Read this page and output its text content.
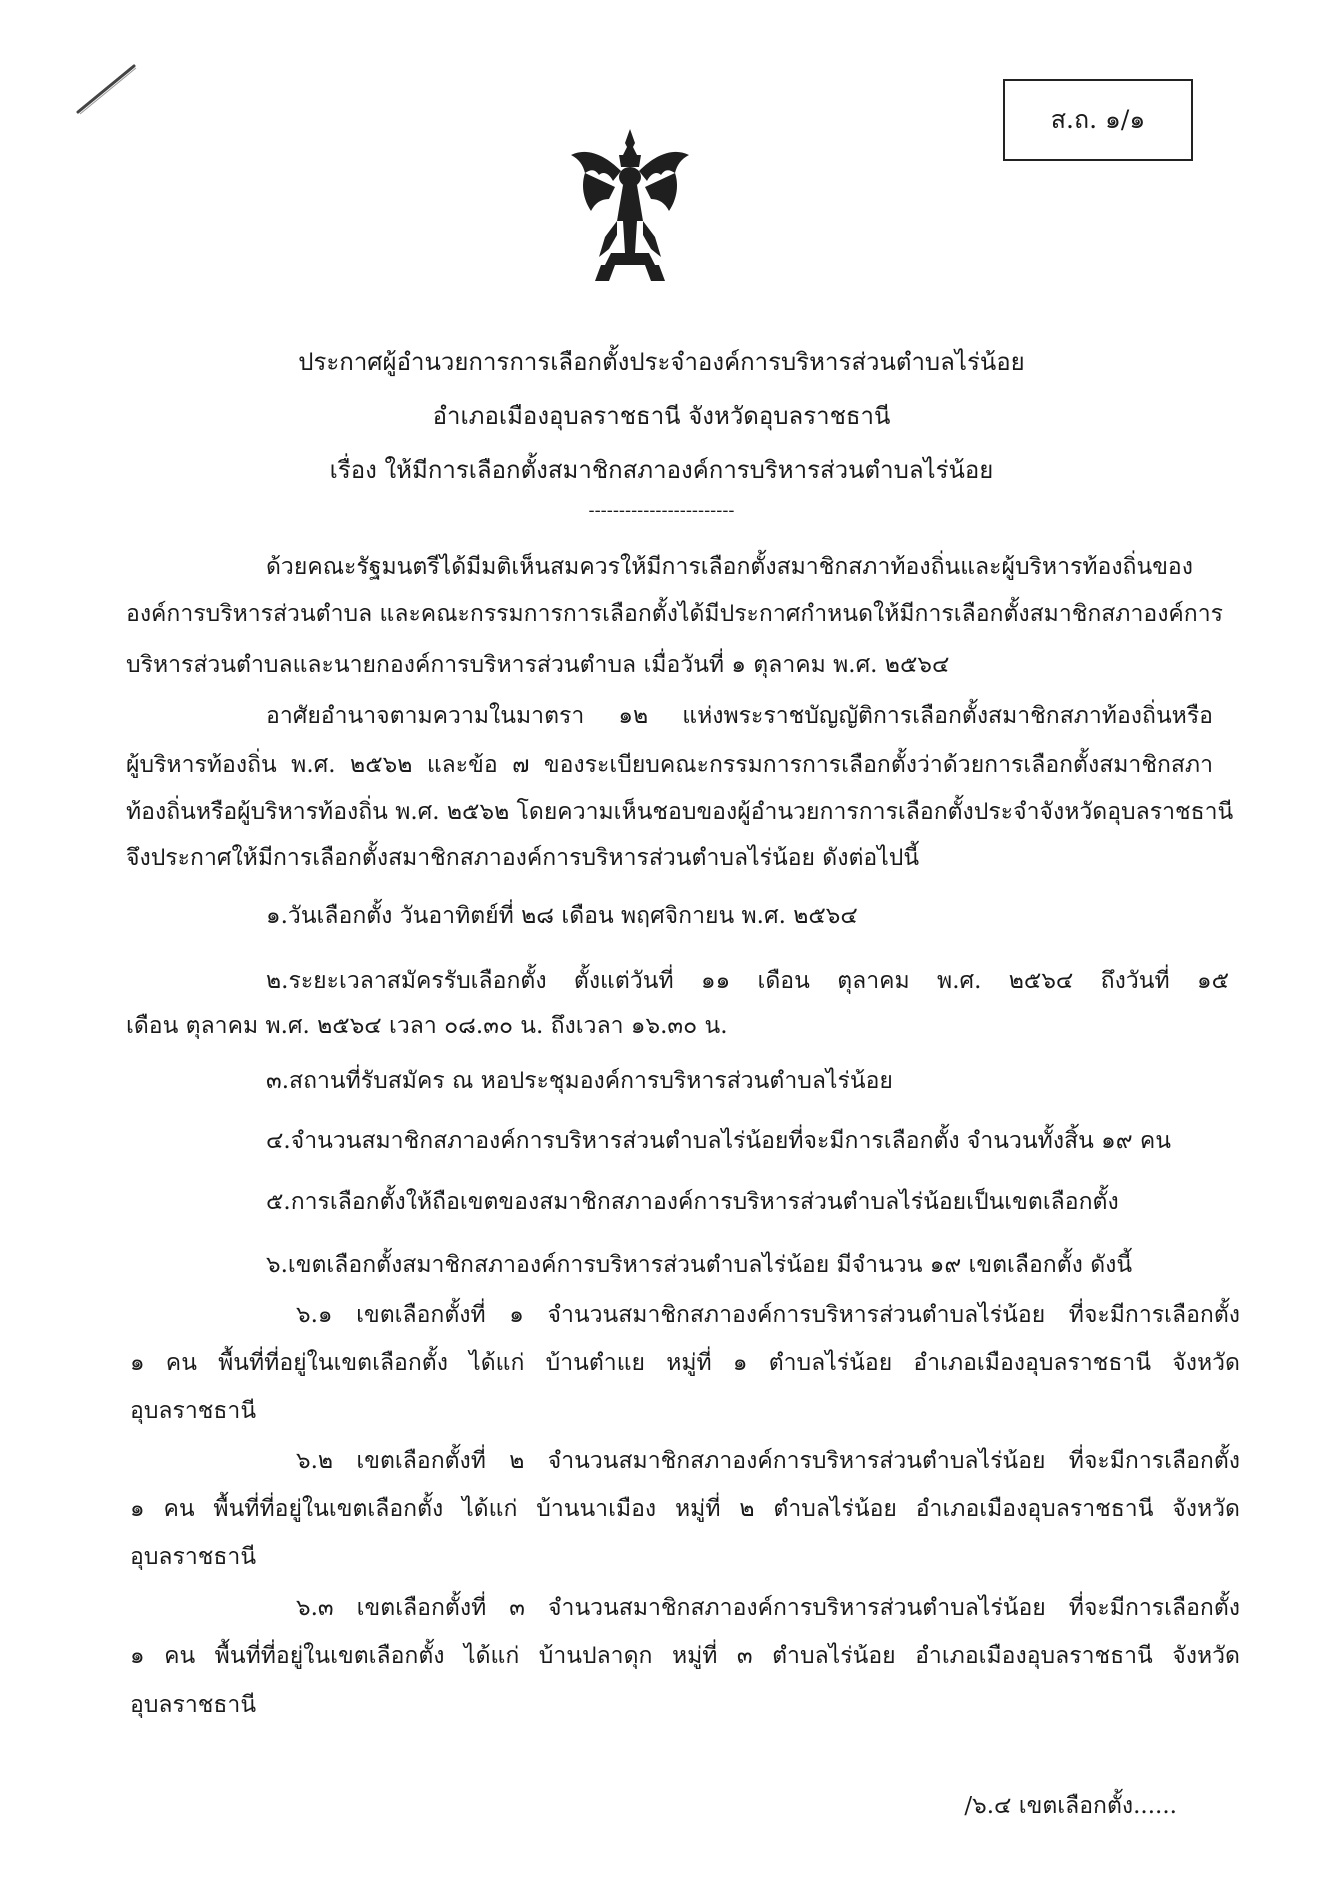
ส.ถ. ๑/๑
ประกาศผู้อำนวยการการเลือกตั้งประจำองค์การบริหารส่วนตำบลไร่น้อย
อำเภอเมืองอุบลราชธานี จังหวัดอุบลราชธานี
เรื่อง ให้มีการเลือกตั้งสมาชิกสภาองค์การบริหารส่วนตำบลไร่น้อย
------------------------
ด้วยคณะรัฐมนตรีได้มีมติเห็นสมควรให้มีการเลือกตั้งสมาชิกสภาท้องถิ่นและผู้บริหารท้องถิ่นของ
องค์การบริหารส่วนตำบล และคณะกรรมการการเลือกตั้งได้มีประกาศกำหนดให้มีการเลือกตั้งสมาชิกสภาองค์การ
บริหารส่วนตำบลและนายกองค์การบริหารส่วนตำบล เมื่อวันที่ ๑ ตุลาคม พ.ศ. ๒๕๖๔
อาศัยอำนาจตามความในมาตรา ๑๒ แห่งพระราชบัญญัติการเลือกตั้งสมาชิกสภาท้องถิ่นหรือ
ผู้บริหารท้องถิ่น พ.ศ. ๒๕๖๒ และข้อ ๗ ของระเบียบคณะกรรมการการเลือกตั้งว่าด้วยการเลือกตั้งสมาชิกสภา
ท้องถิ่นหรือผู้บริหารท้องถิ่น พ.ศ. ๒๕๖๒ โดยความเห็นชอบของผู้อำนวยการการเลือกตั้งประจำจังหวัดอุบลราชธานี
จึงประกาศให้มีการเลือกตั้งสมาชิกสภาองค์การบริหารส่วนตำบลไร่น้อย ดังต่อไปนี้
๑.วันเลือกตั้ง วันอาทิตย์ที่ ๒๘ เดือน พฤศจิกายน พ.ศ. ๒๕๖๔
๒.ระยะเวลาสมัครรับเลือกตั้ง ตั้งแต่วันที่ ๑๑ เดือน ตุลาคม พ.ศ. ๒๕๖๔ ถึงวันที่ ๑๕
เดือน ตุลาคม พ.ศ. ๒๕๖๔ เวลา ๐๘.๓๐ น. ถึงเวลา ๑๖.๓๐ น.
๓.สถานที่รับสมัคร ณ หอประชุมองค์การบริหารส่วนตำบลไร่น้อย
๔.จำนวนสมาชิกสภาองค์การบริหารส่วนตำบลไร่น้อยที่จะมีการเลือกตั้ง จำนวนทั้งสิ้น ๑๙ คน
๕.การเลือกตั้งให้ถือเขตของสมาชิกสภาองค์การบริหารส่วนตำบลไร่น้อยเป็นเขตเลือกตั้ง
๖.เขตเลือกตั้งสมาชิกสภาองค์การบริหารส่วนตำบลไร่น้อย มีจำนวน ๑๙ เขตเลือกตั้ง ดังนี้
๖.๑ เขตเลือกตั้งที่ ๑ จำนวนสมาชิกสภาองค์การบริหารส่วนตำบลไร่น้อย ที่จะมีการเลือกตั้ง
๑ คน พื้นที่ที่อยู่ในเขตเลือกตั้ง ได้แก่ บ้านตำแย หมู่ที่ ๑ ตำบลไร่น้อย อำเภอเมืองอุบลราชธานี จังหวัด
อุบลราชธานี
๖.๒ เขตเลือกตั้งที่ ๒ จำนวนสมาชิกสภาองค์การบริหารส่วนตำบลไร่น้อย ที่จะมีการเลือกตั้ง
๑ คน พื้นที่ที่อยู่ในเขตเลือกตั้ง ได้แก่ บ้านนาเมือง หมู่ที่ ๒ ตำบลไร่น้อย อำเภอเมืองอุบลราชธานี จังหวัด
อุบลราชธานี
๖.๓ เขตเลือกตั้งที่ ๓ จำนวนสมาชิกสภาองค์การบริหารส่วนตำบลไร่น้อย ที่จะมีการเลือกตั้ง
๑ คน พื้นที่ที่อยู่ในเขตเลือกตั้ง ได้แก่ บ้านปลาดุก หมู่ที่ ๓ ตำบลไร่น้อย อำเภอเมืองอุบลราชธานี จังหวัด
อุบลราชธานี
/๖.๔ เขตเลือกตั้ง......
